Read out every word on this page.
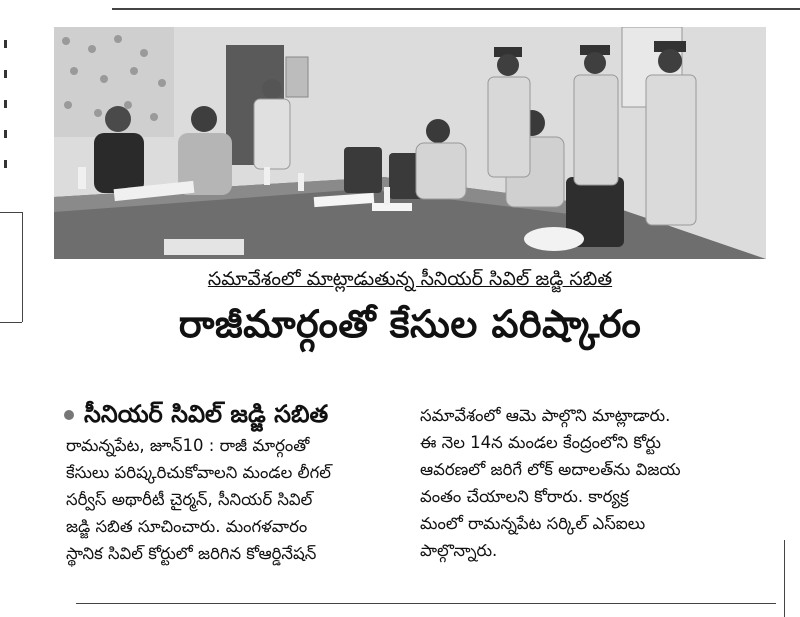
సమావేశంలో మాట్లాడుతున్న సీనియర్ సివిల్ జడ్జి సబిత
రాజీమార్గంతో కేసుల పరిష్కారం
సీనియర్ సివిల్ జడ్జి సబిత
రామన్నపేట, జూన్10 : రాజీ మార్గంతో
కేసులు పరిష్కరిచుకోవాలని మండల లీగల్
సర్వీస్ అథారీటీ చైర్మన్, సీనియర్ సివిల్
జడ్జి సబిత సూచించారు. మంగళవారం
స్థానిక సివిల్ కోర్టులో జరిగిన కోఆర్డినేషన్
సమావేశంలో ఆమె పాల్గొని మాట్లాడారు.
ఈ నెల 14న మండల కేంద్రంలోని కోర్టు
ఆవరణలో జరిగే లోక్ అదాలత్‌ను విజయ
వంతం చేయాలని కోరారు. కార్యక్ర
మంలో రామన్నపేట సర్కిల్ ఎస్ఐలు
పాల్గొన్నారు.
